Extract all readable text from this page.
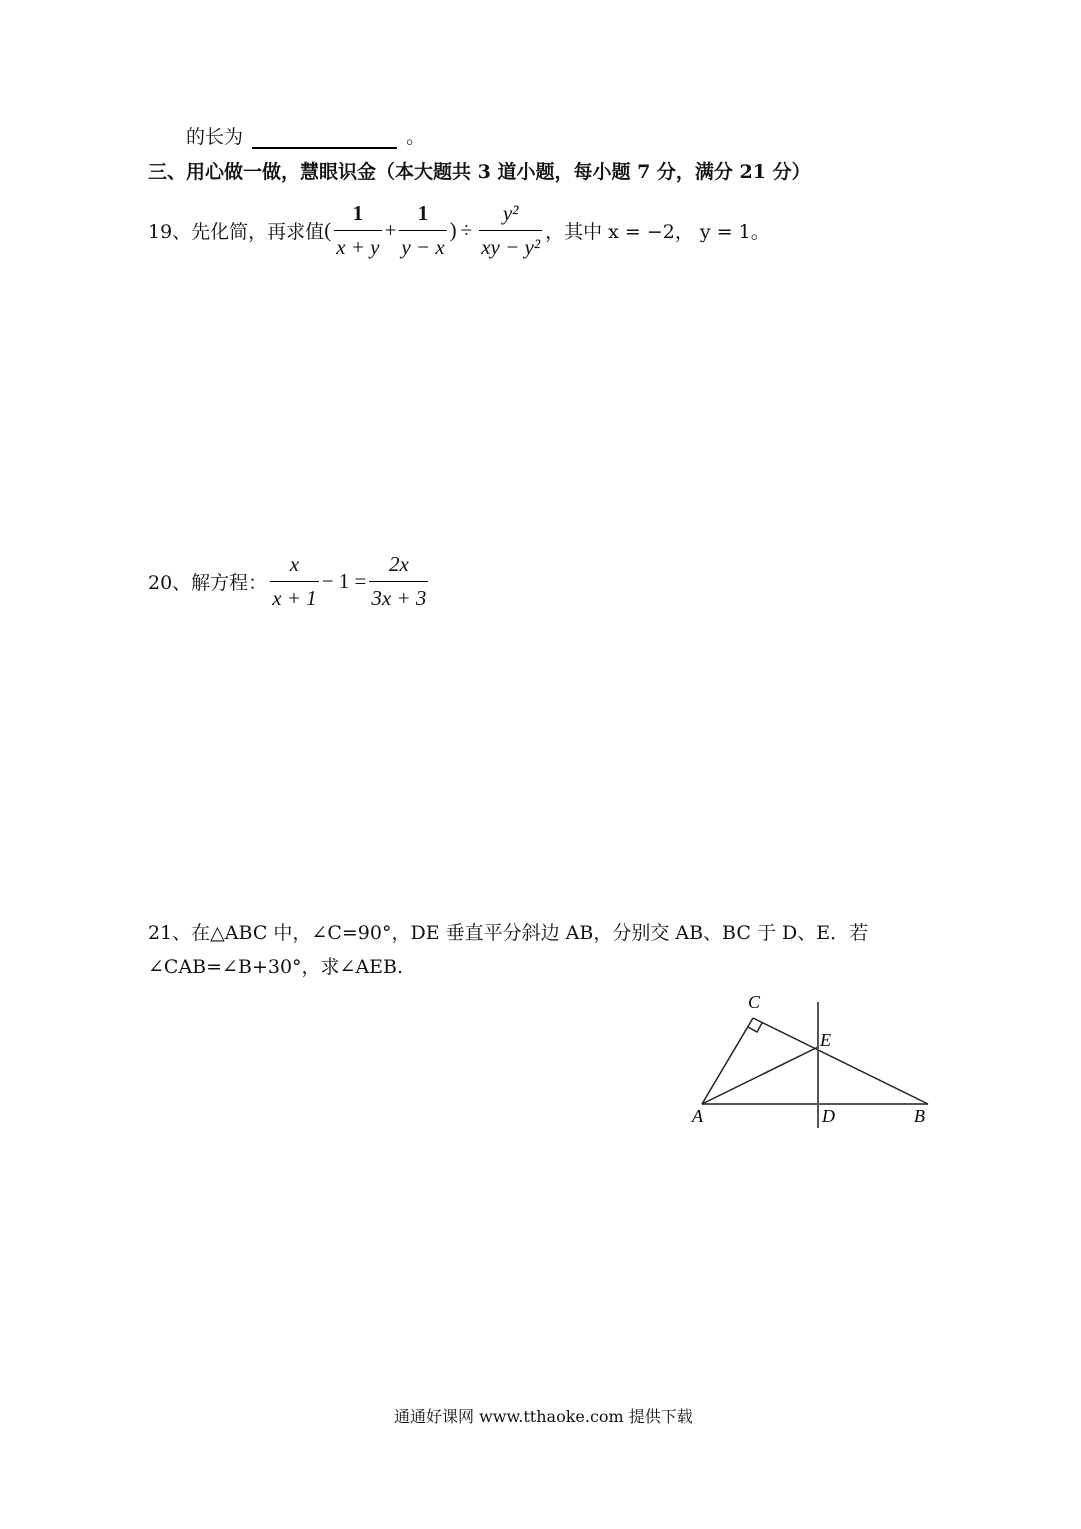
的长为	。
三、用心做一做，慧眼识金（本大题共 3 道小题，每小题 7 分，满分 21 分）
19、先化简，再求值 ( $\frac{1}{x + y} + \frac{1}{y - x}$ ) ÷ $\frac{\text{y²}}{\text{xy − y²}}$ ，其中 x = −2， y = 1。
20、解方程： $\frac{x}{x + 1} - 1 = \frac{2x}{3x + 3}$
21、在△ABC 中，∠C=90°，DE 垂直平分斜边 AB，分别交 AB、BC 于 D、E．若
∠CAB=∠B+30°，求∠AEB.
A	B
C
D
E
通通好课网 www.tthaoke.com 提供下载
